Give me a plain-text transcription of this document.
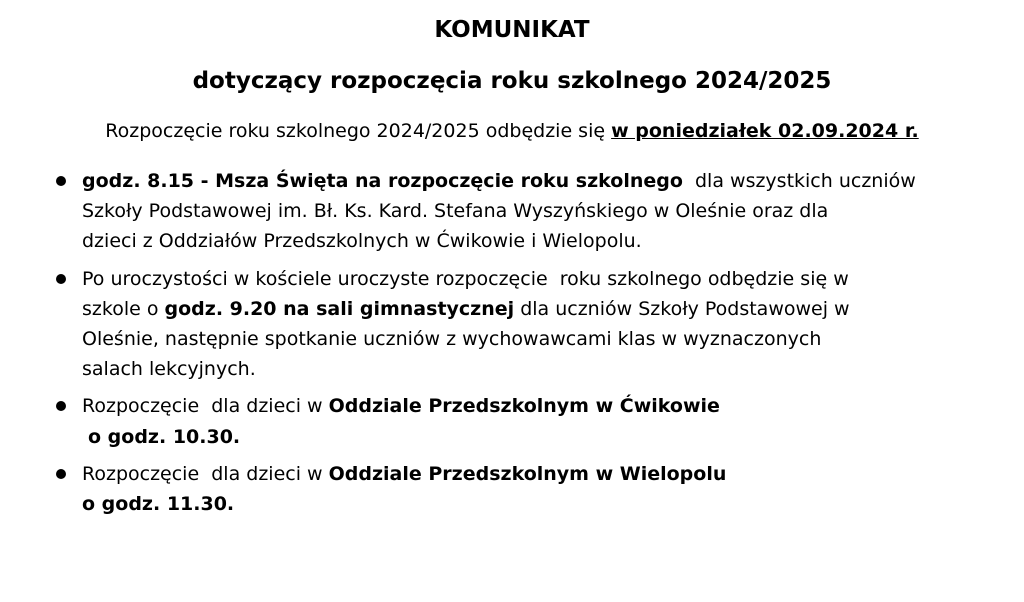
KOMUNIKAT
dotyczący rozpoczęcia roku szkolnego 2024/2025
Rozpoczęcie roku szkolnego 2024/2025 odbędzie się w poniedziałek 02.09.2024 r.
godz. 8.15 - Msza Święta na rozpoczęcie roku szkolnego  dla wszystkich uczniów
Szkoły Podstawowej im. Bł. Ks. Kard. Stefana Wyszyńskiego w Oleśnie oraz dla
dzieci z Oddziałów Przedszkolnych w Ćwikowie i Wielopolu.
Po uroczystości w kościele uroczyste rozpoczęcie  roku szkolnego odbędzie się w
szkole o godz. 9.20 na sali gimnastycznej dla uczniów Szkoły Podstawowej w
Oleśnie, następnie spotkanie uczniów z wychowawcami klas w wyznaczonych
salach lekcyjnych.
Rozpoczęcie  dla dzieci w Oddziale Przedszkolnym w Ćwikowie
o godz. 10.30.
Rozpoczęcie  dla dzieci w Oddziale Przedszkolnym w Wielopolu
o godz. 11.30.
